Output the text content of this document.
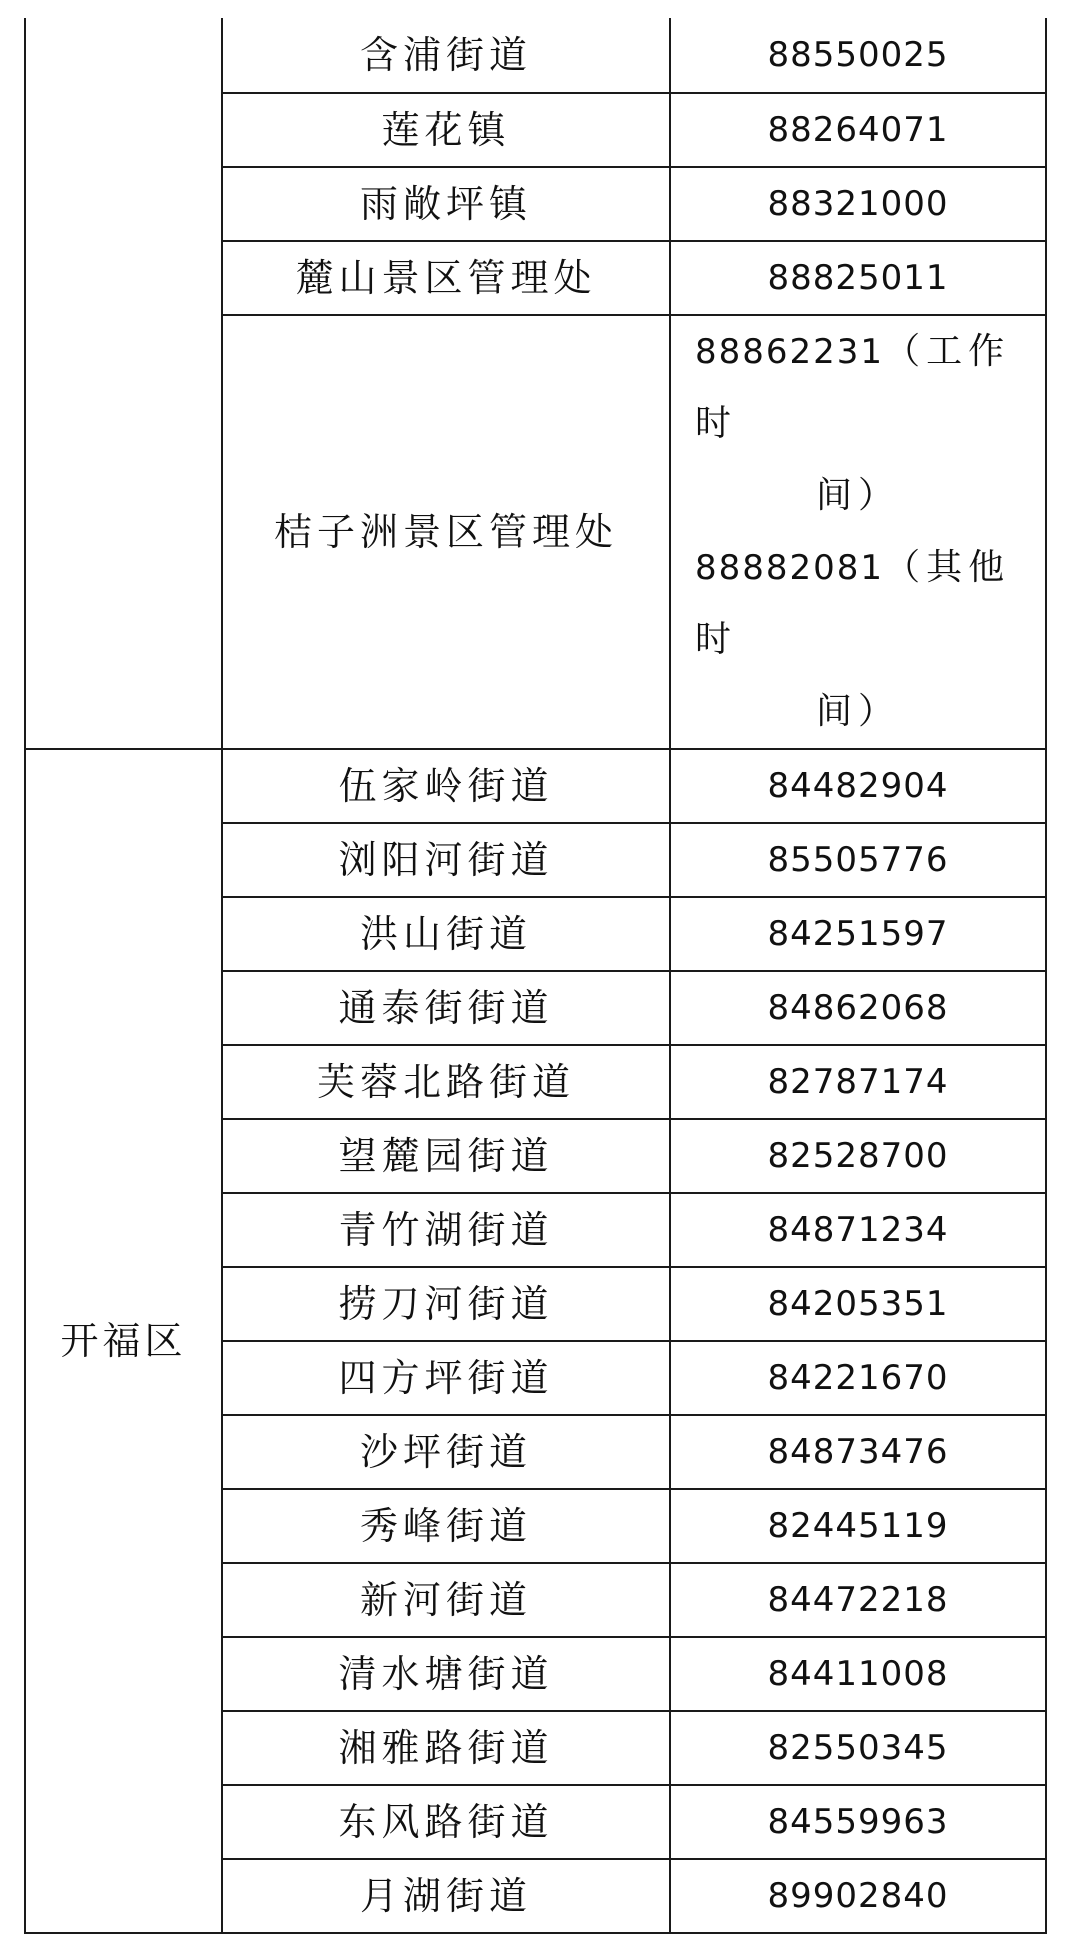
	含浦街道	88550025
	莲花镇	88264071
	雨敞坪镇	88321000
	麓山景区管理处	88825011
	桔子洲景区管理处	88862231（工作时
间）
88882081（其他时
间）

开福区	伍家岭街道	84482904
	浏阳河街道	85505776
	洪山街道	84251597
	通泰街街道	84862068
	芙蓉北路街道	82787174
	望麓园街道	82528700
	青竹湖街道	84871234
	捞刀河街道	84205351
	四方坪街道	84221670
	沙坪街道	84873476
	秀峰街道	82445119
	新河街道	84472218
	清水塘街道	84411008
	湘雅路街道	82550345
	东风路街道	84559963
	月湖街道	89902840
